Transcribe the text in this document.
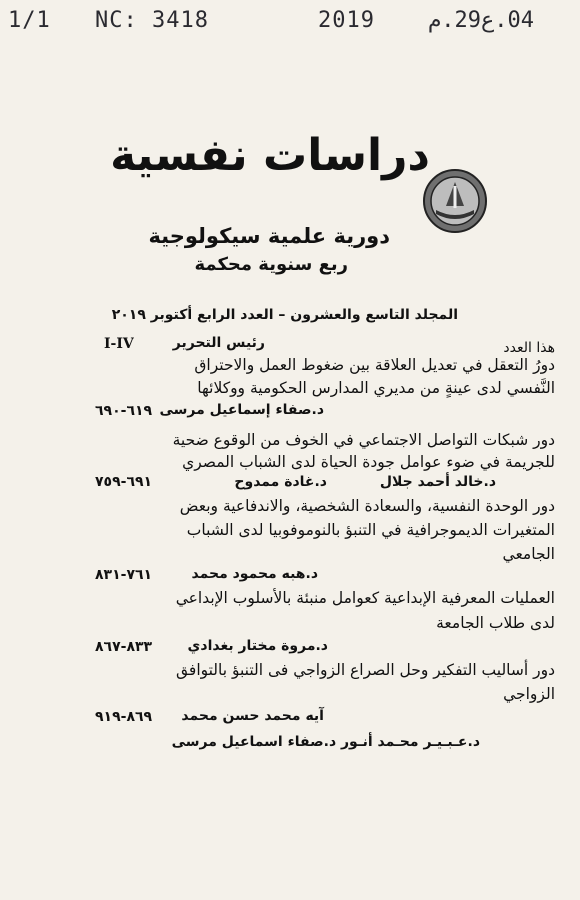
1/1 NC: 3418	2019 04.ع29.م
دراسات نفسية
دورية علمية سيكولوجية
ربع سنوية محكمة
المجلد التاسع والعشرون – العدد الرابع أكتوبر ٢٠١٩
I-IV	رئيس التحرير	هذا العدد
دورُ التعقل في تعديل العلاقة بين ضغوط العمل والاحتراق
النَّفسي لدى عينةٍ من مديري المدارس الحكومية ووكلائها
د.صفاء إسماعيل مرسى
٦١٩-٦٩٠
دور شبكات التواصل الاجتماعي في الخوف من الوقوع ضحية
للجريمة في ضوء عوامل جودة الحياة لدى الشباب المصري
د.خالد أحمد جلال
د.غادة ممدوح
٦٩١-٧٥٩
دور الوحدة النفسية، والسعادة الشخصية، والاندفاعية وبعض
المتغيرات الديموجرافية في التنبؤ بالنوموفوبيا لدى الشباب
الجامعي
د.هبه محمود محمد
٧٦١-٨٣١
العمليات المعرفية الإبداعية كعوامل منبئة بالأسلوب الإبداعي
لدى طلاب الجامعة
د.مروة مختار بغدادي
٨٣٣-٨٦٧
دور أساليب التفكير وحل الصراع الزواجي فى التنبؤ بالتوافق
الزواجي
آيه محمد حسن محمد
٨٦٩-٩١٩
د.عـبـيـر محـمد أنـور د.صفاء اسماعيل مرسى
